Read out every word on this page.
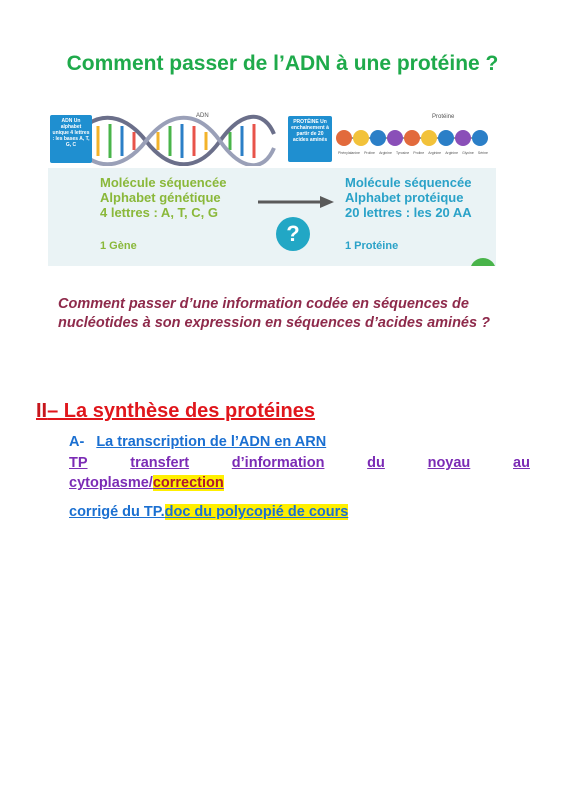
Comment passer de l’ADN à une protéine ?
ADN
ADN Un alphabet unique 4 lettres : les bases A, T, G, C
PROTÉINE Un enchainement à partir de 20 acides aminés
Protéine
Phénylalanine Proline Arginine Tyrosine Proline Arginine Arginine Glycine Sérine
Molécule séquencée
Alphabet génétique
4 lettres : A, T, C, G
1 Gène	?
Molécule séquencée
Alphabet protéique
20 lettres : les 20 AA
1 Protéine
Comment passer d’une information codée en séquences de nucléotides à son expression en séquences d’acides aminés ?
II– La synthèse des protéines
A- La transcription de l’ADN en ARN
TP	transfert	d’information	du	noyau	au
cytoplasme/correction
corrigé du TP.doc du polycopié de cours
